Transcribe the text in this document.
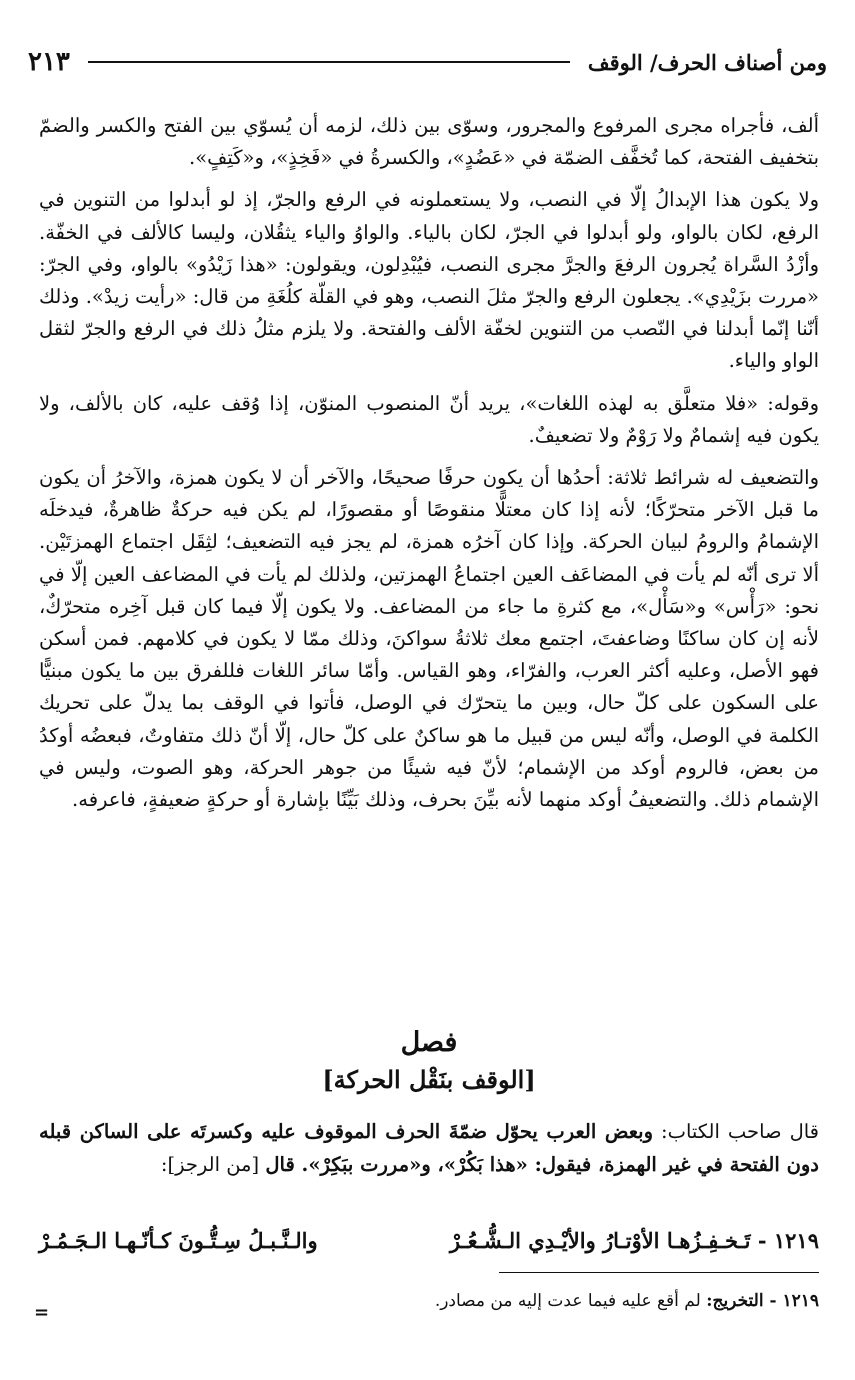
ومن أصناف الحرف/ الوقف
٢١٣

ألف، فأجراه مجرى المرفوع والمجرور، وسوّى بين ذلك، لزمه أن يُسوّي بين الفتح والكسر والضمّ بتخفيف الفتحة، كما تُخفَّف الضمّة في «عَضُدٍ»، والكسرةُ في «فَخِذٍ»، و«كَتِفٍ».

ولا يكون هذا الإبدالُ إلّا في النصب، ولا يستعملونه في الرفع والجرّ، إذ لو أبدلوا من التنوين في الرفع، لكان بالواو، ولو أبدلوا في الجرّ، لكان بالياء. والواوُ والياء يثقُلان، وليسا كالألف في الخفّة. وأزْدُ السَّراة يُجرون الرفعَ والجرَّ مجرى النصب، فيُبْدِلون، ويقولون: «هذا زَيْدُو» بالواو، وفي الجرّ: «مررت بزَيْدِي». يجعلون الرفع والجرّ مثلَ النصب، وهو في القلّة كلُغَةِ من قال: «رأيت زيدْ». وذلك أنّنا إنّما أبدلنا في النّصب من التنوين لخفّة الألف والفتحة. ولا يلزم مثلُ ذلك في الرفع والجرّ لثقل الواو والياء.

وقوله: «فلا متعلَّق به لهذه اللغات»، يريد أنّ المنصوب المنوّن، إذا وُقف عليه، كان بالألف، ولا يكون فيه إشمامٌ ولا رَوْمٌ ولا تضعيفٌ.

والتضعيف له شرائط ثلاثة: أحدُها أن يكون حرفًا صحيحًا، والآخر أن لا يكون همزة، والآخرُ أن يكون ما قبل الآخر متحرّكًا؛ لأنه إذا كان معتلًّا منقوصًا أو مقصورًا، لم يكن فيه حركةٌ ظاهرةٌ، فيدخلَه الإشمامُ والرومُ لبيان الحركة. وإذا كان آخرُه همزة، لم يجز فيه التضعيف؛ لثِقَل اجتماع الهمزتَيْن. ألا ترى أنّه لم يأت في المضاعَف العين اجتماعُ الهمزتين، ولذلك لم يأت في المضاعف العين إلّا في نحو: «رَأْس» و«سَأْل»، مع كثرةِ ما جاء من المضاعف. ولا يكون إلّا فيما كان قبل آخِره متحرّكٌ، لأنه إن كان ساكنًا وضاعفتَ، اجتمع معك ثلاثةُ سواكنَ، وذلك ممّا لا يكون في كلامهم. فمن أسكن فهو الأصل، وعليه أكثر العرب، والفرّاء، وهو القياس. وأمّا سائر اللغات فللفرق بين ما يكون مبنيًّا على السكون على كلّ حال، وبين ما يتحرّك في الوصل، فأتوا في الوقف بما يدلّ على تحريك الكلمة في الوصل، وأنّه ليس من قبيل ما هو ساكنٌ على كلّ حال، إلّا أنّ ذلك متفاوتٌ، فبعضُه أوكدُ من بعض، فالروم أوكد من الإشمام؛ لأنّ فيه شيئًا من جوهر الحركة، وهو الصوت، وليس في الإشمام ذلك. والتضعيفُ أوكد منهما لأنه بيِّنَ بحرف، وذلك بَيِّنًا بإشارة أو حركةٍ ضعيفةٍ، فاعرفه.

فصل
[الوقف بنَقْل الحركة]
قال صاحب الكتاب: وبعض العرب يحوّل ضمّةَ الحرف الموقوف عليه وكسرتَه على الساكن قبله دون الفتحة في غير الهمزة، فيقول: «هذا بَكُرْ»، و«مررت ببَكِرْ». قال [من الرجز]:
١٢١٩ - تَـخـفِـزُهـا الأوْتـارُ والأيْـدِي الـشُّـعُـرْ
والـنَّـبـلُ سِـتُّـونَ كـأنّـهـا الـجَـمُـرْ
١٢١٩ - التخريج: لم أقع عليه فيما عدت إليه من مصادر.
=
